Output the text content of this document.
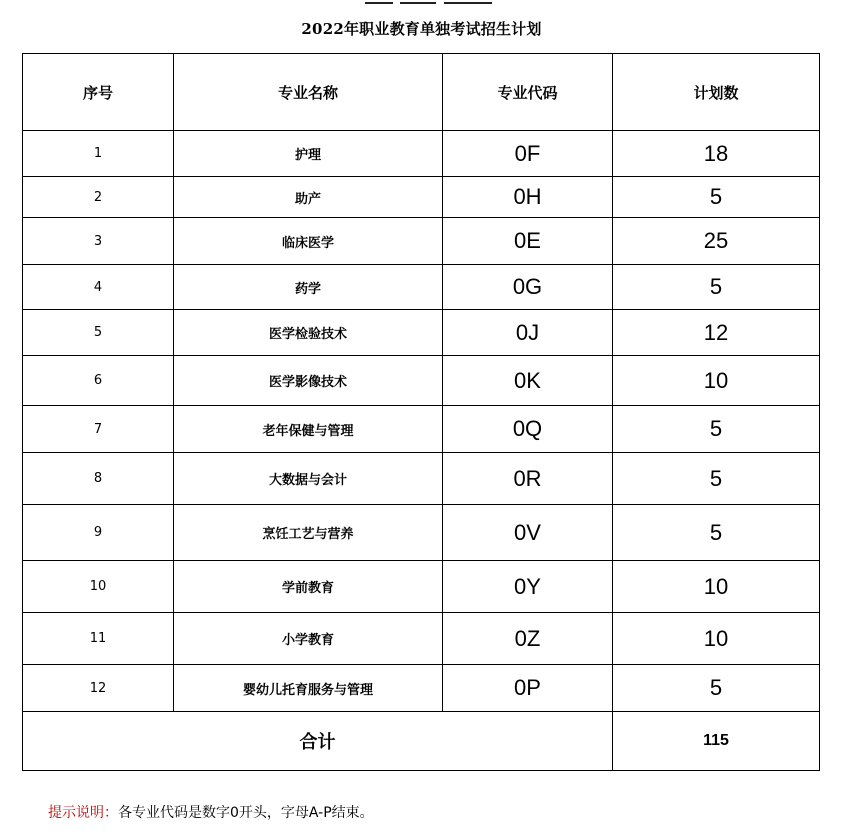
2022年职业教育单独考试招生计划
序号	专业名称	专业代码	计划数
1	护理	0F	18
2	助产	0H	5
3	临床医学	0E	25
4	药学	0G	5
5	医学检验技术	0J	12
6	医学影像技术	0K	10
7	老年保健与管理	0Q	5
8	大数据与会计	0R	5
9	烹饪工艺与营养	0V	5
10	学前教育	0Y	10
11	小学教育	0Z	10
12	婴幼儿托育服务与管理	0P	5
合计			115
提示说明：各专业代码是数字0开头，字母A-P结束。
